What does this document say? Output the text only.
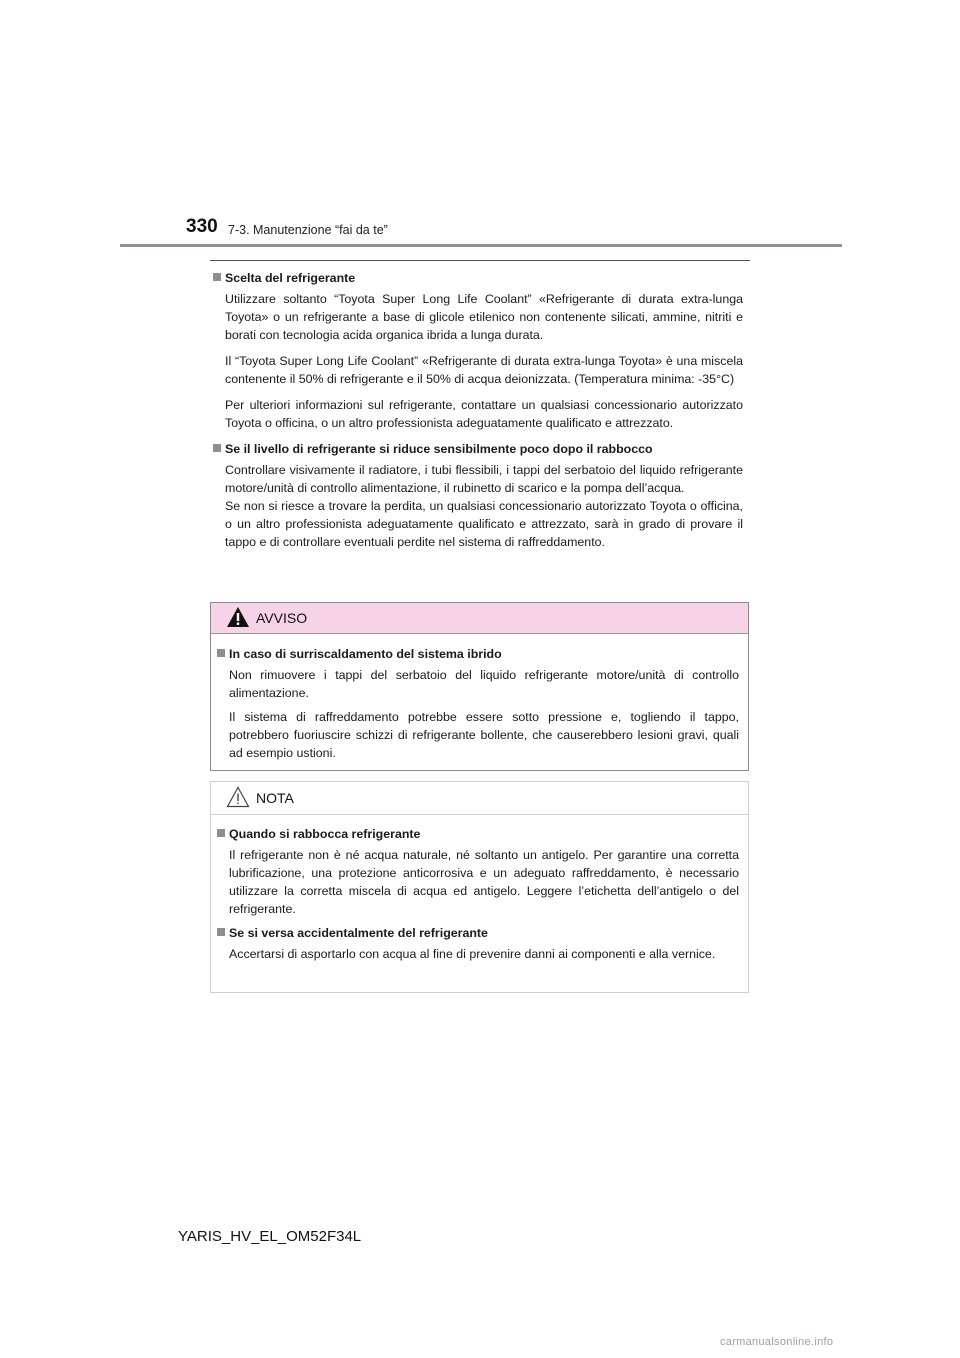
330 7-3. Manutenzione “fai da te”
Scelta del refrigerante

Utilizzare soltanto “Toyota Super Long Life Coolant” «Refrigerante di durata extra-lunga Toyota» o un refrigerante a base di glicole etilenico non contenente silicati, ammine, nitriti e borati con tecnologia acida organica ibrida a lunga durata.

Il “Toyota Super Long Life Coolant” «Refrigerante di durata extra-lunga Toyota» è una miscela contenente il 50% di refrigerante e il 50% di acqua deionizzata. (Temperatura minima: -35°C)

Per ulteriori informazioni sul refrigerante, contattare un qualsiasi concessionario autorizzato Toyota o officina, o un altro professionista adeguatamente qualificato e attrezzato.

Se il livello di refrigerante si riduce sensibilmente poco dopo il rabbocco

Controllare visivamente il radiatore, i tubi flessibili, i tappi del serbatoio del liquido refrigerante motore/unità di controllo alimentazione, il rubinetto di scarico e la pompa dell’acqua.

Se non si riesce a trovare la perdita, un qualsiasi concessionario autorizzato Toyota o officina, o un altro professionista adeguatamente qualificato e attrezzato, sarà in grado di provare il tappo e di controllare eventuali perdite nel sistema di raffreddamento.

AVVISO
In caso di surriscaldamento del sistema ibrido

Non rimuovere i tappi del serbatoio del liquido refrigerante motore/unità di controllo alimentazione.

Il sistema di raffreddamento potrebbe essere sotto pressione e, togliendo il tappo, potrebbero fuoriuscire schizzi di refrigerante bollente, che causerebbero lesioni gravi, quali ad esempio ustioni.

NOTA
Quando si rabbocca refrigerante

Il refrigerante non è né acqua naturale, né soltanto un antigelo. Per garantire una corretta lubrificazione, una protezione anticorrosiva e un adeguato raffreddamento, è necessario utilizzare la corretta miscela di acqua ed antigelo. Leggere l’etichetta dell’antigelo o del refrigerante.

Se si versa accidentalmente del refrigerante

Accertarsi di asportarlo con acqua al fine di prevenire danni ai componenti e alla vernice.

YARIS_HV_EL_OM52F34L
carmanualsonline.info
